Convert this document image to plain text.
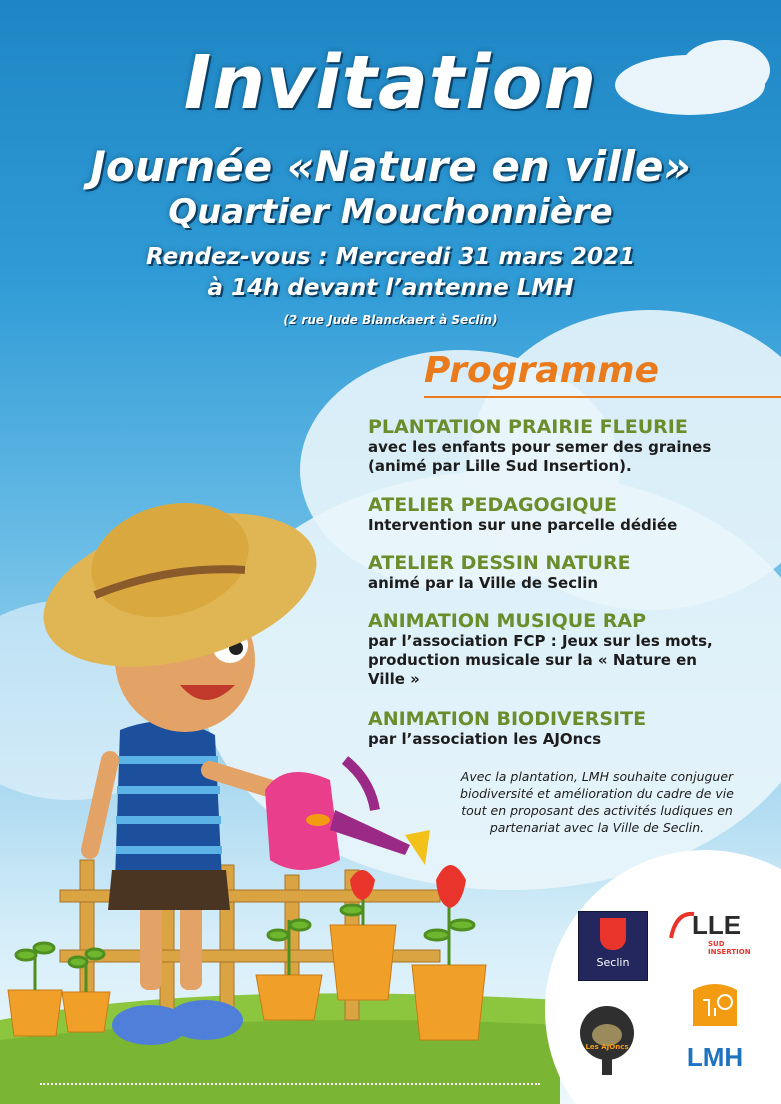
Invitation
Journée «Nature en ville»
Quartier Mouchonnière
Rendez-vous : Mercredi 31 mars 2021
à 14h devant l’antenne LMH
(2 rue Jude Blanckaert à Seclin)
Programme
PLANTATION PRAIRIE FLEURIE

avec les enfants pour semer des graines

(animé par Lille Sud Insertion).

ATELIER PEDAGOGIQUE

Intervention sur une parcelle dédiée

ATELIER DESSIN NATURE

animé par la Ville de Seclin

ANIMATION MUSIQUE RAP

par l’association FCP : Jeux sur les mots,

production musicale sur la « Nature en

Ville »

ANIMATION BIODIVERSITE

par l’association les AJOncs

Avec la plantation, LMH souhaite conjuguer
biodiversité et amélioration du cadre de vie
tout en proposant des activités ludiques en
partenariat avec la Ville de Seclin.
Seclin
LLE
SUD INSERTION
Les AJOncs	LMH
